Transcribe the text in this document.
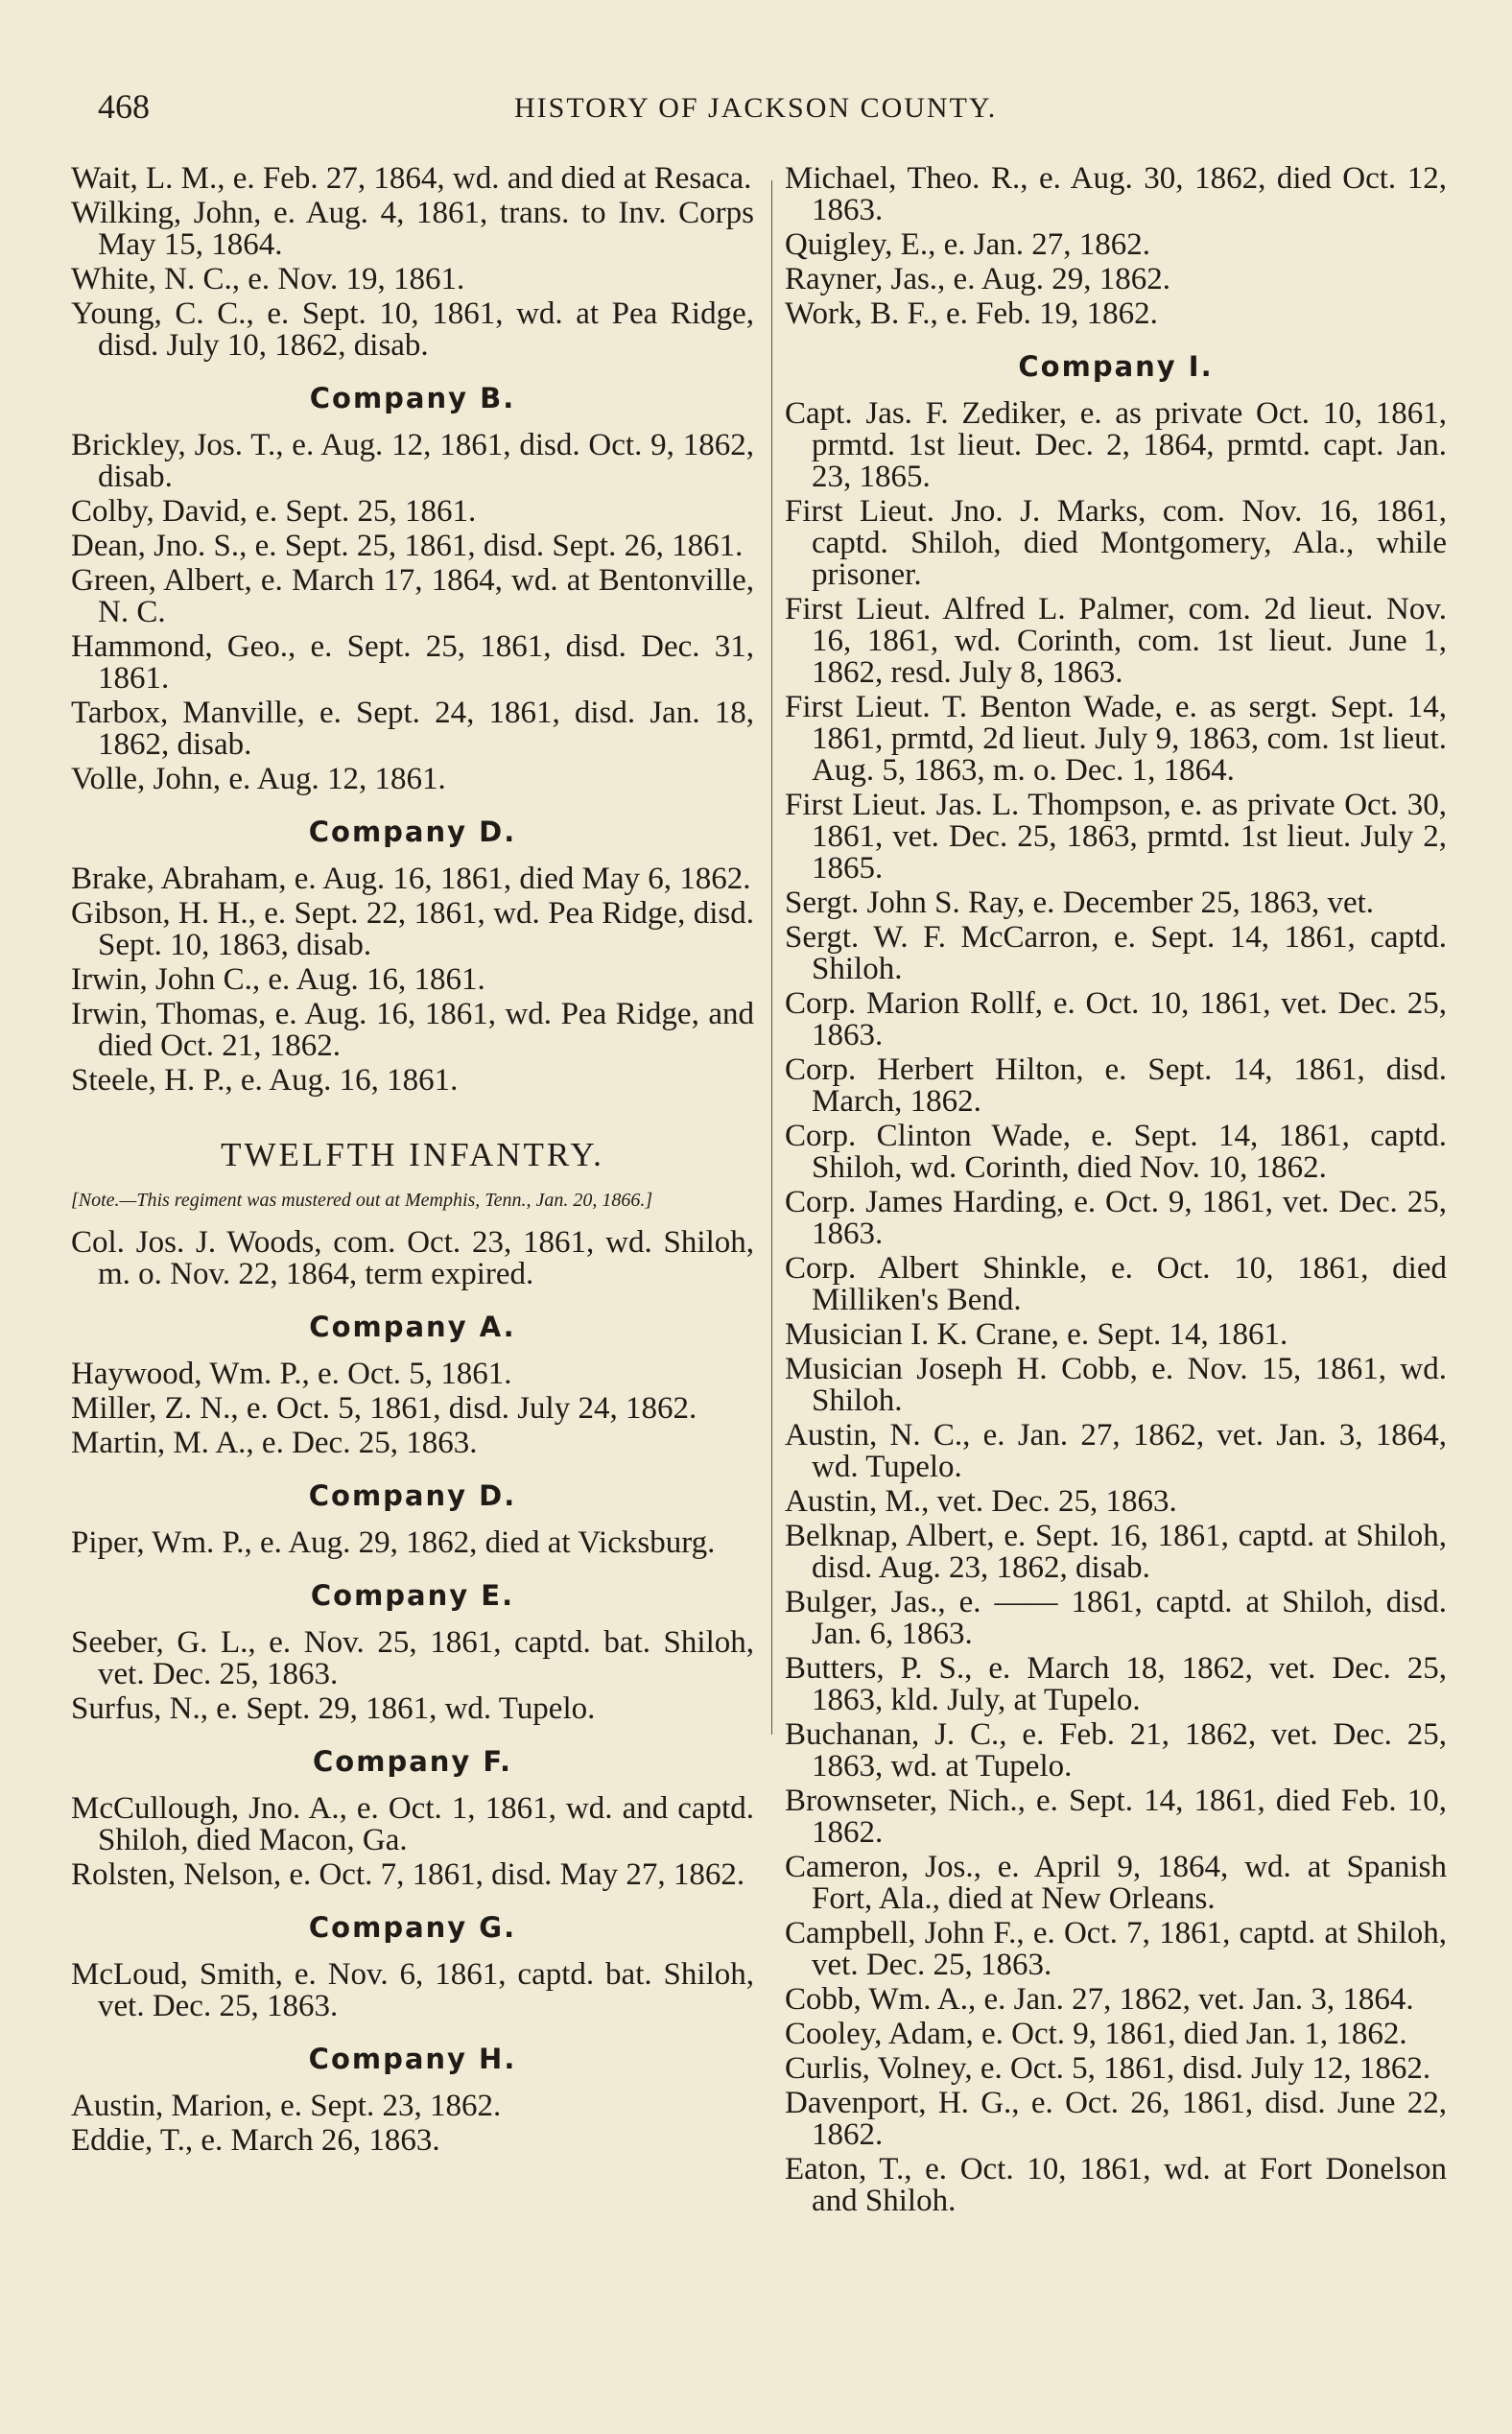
468	HISTORY OF JACKSON COUNTY.
Wait, L. M., e. Feb. 27, 1864, wd. and died at Resaca.
Wilking, John, e. Aug. 4, 1861, trans. to Inv. Corps May 15, 1864.
White, N. C., e. Nov. 19, 1861.
Young, C. C., e. Sept. 10, 1861, wd. at Pea Ridge, disd. July 10, 1862, disab.
Company B.
Brickley, Jos. T., e. Aug. 12, 1861, disd. Oct. 9, 1862, disab.
Colby, David, e. Sept. 25, 1861.
Dean, Jno. S., e. Sept. 25, 1861, disd. Sept. 26, 1861.
Green, Albert, e. March 17, 1864, wd. at Bentonville, N. C.
Hammond, Geo., e. Sept. 25, 1861, disd. Dec. 31, 1861.
Tarbox, Manville, e. Sept. 24, 1861, disd. Jan. 18, 1862, disab.
Volle, John, e. Aug. 12, 1861.
Company D.
Brake, Abraham, e. Aug. 16, 1861, died May 6, 1862.
Gibson, H. H., e. Sept. 22, 1861, wd. Pea Ridge, disd. Sept. 10, 1863, disab.
Irwin, John C., e. Aug. 16, 1861.
Irwin, Thomas, e. Aug. 16, 1861, wd. Pea Ridge, and died Oct. 21, 1862.
Steele, H. P., e. Aug. 16, 1861.
TWELFTH INFANTRY.
[Note.—This regiment was mustered out at Memphis, Tenn., Jan. 20, 1866.]
Col. Jos. J. Woods, com. Oct. 23, 1861, wd. Shiloh, m. o. Nov. 22, 1864, term expired.
Company A.
Haywood, Wm. P., e. Oct. 5, 1861.
Miller, Z. N., e. Oct. 5, 1861, disd. July 24, 1862.
Martin, M. A., e. Dec. 25, 1863.
Company D.
Piper, Wm. P., e. Aug. 29, 1862, died at Vicksburg.
Company E.
Seeber, G. L., e. Nov. 25, 1861, captd. bat. Shiloh, vet. Dec. 25, 1863.
Surfus, N., e. Sept. 29, 1861, wd. Tupelo.
Company F.
McCullough, Jno. A., e. Oct. 1, 1861, wd. and captd. Shiloh, died Macon, Ga.
Rolsten, Nelson, e. Oct. 7, 1861, disd. May 27, 1862.
Company G.
McLoud, Smith, e. Nov. 6, 1861, captd. bat. Shiloh, vet. Dec. 25, 1863.
Company H.
Austin, Marion, e. Sept. 23, 1862.
Eddie, T., e. March 26, 1863.
Michael, Theo. R., e. Aug. 30, 1862, died Oct. 12, 1863.
Quigley, E., e. Jan. 27, 1862.
Rayner, Jas., e. Aug. 29, 1862.
Work, B. F., e. Feb. 19, 1862.
Company I.
Capt. Jas. F. Zediker, e. as private Oct. 10, 1861, prmtd. 1st lieut. Dec. 2, 1864, prmtd. capt. Jan. 23, 1865.
First Lieut. Jno. J. Marks, com. Nov. 16, 1861, captd. Shiloh, died Montgomery, Ala., while prisoner.
First Lieut. Alfred L. Palmer, com. 2d lieut. Nov. 16, 1861, wd. Corinth, com. 1st lieut. June 1, 1862, resd. July 8, 1863.
First Lieut. T. Benton Wade, e. as sergt. Sept. 14, 1861, prmtd, 2d lieut. July 9, 1863, com. 1st lieut. Aug. 5, 1863, m. o. Dec. 1, 1864.
First Lieut. Jas. L. Thompson, e. as private Oct. 30, 1861, vet. Dec. 25, 1863, prmtd. 1st lieut. July 2, 1865.
Sergt. John S. Ray, e. December 25, 1863, vet.
Sergt. W. F. McCarron, e. Sept. 14, 1861, captd. Shiloh.
Corp. Marion Rollf, e. Oct. 10, 1861, vet. Dec. 25, 1863.
Corp. Herbert Hilton, e. Sept. 14, 1861, disd. March, 1862.
Corp. Clinton Wade, e. Sept. 14, 1861, captd. Shiloh, wd. Corinth, died Nov. 10, 1862.
Corp. James Harding, e. Oct. 9, 1861, vet. Dec. 25, 1863.
Corp. Albert Shinkle, e. Oct. 10, 1861, died Milliken's Bend.
Musician I. K. Crane, e. Sept. 14, 1861.
Musician Joseph H. Cobb, e. Nov. 15, 1861, wd. Shiloh.
Austin, N. C., e. Jan. 27, 1862, vet. Jan. 3, 1864, wd. Tupelo.
Austin, M., vet. Dec. 25, 1863.
Belknap, Albert, e. Sept. 16, 1861, captd. at Shiloh, disd. Aug. 23, 1862, disab.
Bulger, Jas., e. —— 1861, captd. at Shiloh, disd. Jan. 6, 1863.
Butters, P. S., e. March 18, 1862, vet. Dec. 25, 1863, kld. July, at Tupelo.
Buchanan, J. C., e. Feb. 21, 1862, vet. Dec. 25, 1863, wd. at Tupelo.
Brownseter, Nich., e. Sept. 14, 1861, died Feb. 10, 1862.
Cameron, Jos., e. April 9, 1864, wd. at Spanish Fort, Ala., died at New Orleans.
Campbell, John F., e. Oct. 7, 1861, captd. at Shiloh, vet. Dec. 25, 1863.
Cobb, Wm. A., e. Jan. 27, 1862, vet. Jan. 3, 1864.
Cooley, Adam, e. Oct. 9, 1861, died Jan. 1, 1862.
Curlis, Volney, e. Oct. 5, 1861, disd. July 12, 1862.
Davenport, H. G., e. Oct. 26, 1861, disd. June 22, 1862.
Eaton, T., e. Oct. 10, 1861, wd. at Fort Donelson and Shiloh.
